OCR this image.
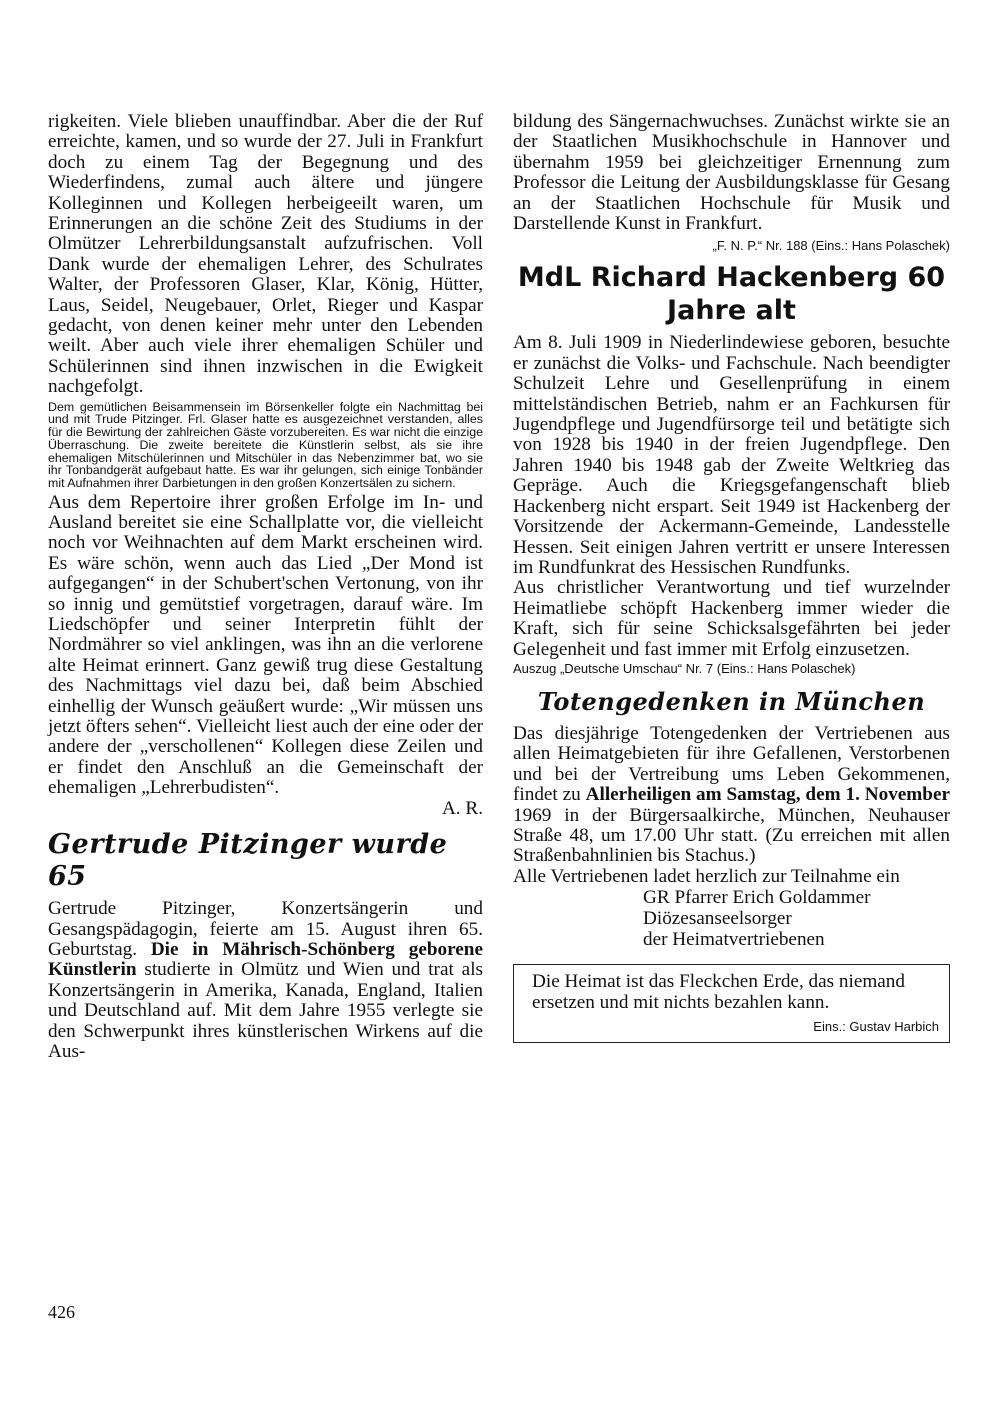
rigkeiten. Viele blieben unauffindbar. Aber die der Ruf erreichte, kamen, und so wurde der 27. Juli in Frankfurt doch zu einem Tag der Begegnung und des Wiederfindens, zumal auch ältere und jüngere Kolleginnen und Kollegen herbeigeeilt waren, um Erinnerungen an die schöne Zeit des Studiums in der Olmützer Lehrerbildungsanstalt aufzufrischen. Voll Dank wurde der ehemaligen Lehrer, des Schulrates Walter, der Professoren Glaser, Klar, König, Hütter, Laus, Seidel, Neugebauer, Orlet, Rieger und Kaspar gedacht, von denen keiner mehr unter den Lebenden weilt. Aber auch viele ihrer ehemaligen Schüler und Schülerinnen sind ihnen inzwischen in die Ewigkeit nachgefolgt.

Dem gemütlichen Beisammensein im Börsenkeller folgte ein Nachmittag bei und mit Trude Pitzinger. Frl. Glaser hatte es ausgezeichnet verstanden, alles für die Bewirtung der zahlreichen Gäste vorzubereiten. Es war nicht die einzige Überraschung. Die zweite bereitete die Künstlerin selbst, als sie ihre ehemaligen Mitschülerinnen und Mitschüler in das Nebenzimmer bat, wo sie ihr Tonbandgerät aufgebaut hatte. Es war ihr gelungen, sich einige Tonbänder mit Aufnahmen ihrer Darbietungen in den großen Konzertsälen zu sichern.

Aus dem Repertoire ihrer großen Erfolge im In- und Ausland bereitet sie eine Schallplatte vor, die vielleicht noch vor Weihnachten auf dem Markt erscheinen wird. Es wäre schön, wenn auch das Lied „Der Mond ist aufgegangen“ in der Schubert'schen Vertonung, von ihr so innig und gemütstief vorgetragen, darauf wäre. Im Liedschöpfer und seiner Interpretin fühlt der Nordmährer so viel anklingen, was ihn an die verlorene alte Heimat erinnert. Ganz gewiß trug diese Gestaltung des Nachmittags viel dazu bei, daß beim Abschied einhellig der Wunsch geäußert wurde: „Wir müssen uns jetzt öfters sehen“. Vielleicht liest auch der eine oder der andere der „verschollenen“ Kollegen diese Zeilen und er findet den Anschluß an die Gemeinschaft der ehemaligen „Lehrerbudisten“.

A. R.

Gertrude Pitzinger wurde 65

Gertrude Pitzinger, Konzertsängerin und Gesangspädagogin, feierte am 15. August ihren 65. Geburtstag. Die in Mährisch-Schönberg geborene Künstlerin studierte in Olmütz und Wien und trat als Konzertsängerin in Amerika, Kanada, England, Italien und Deutschland auf. Mit dem Jahre 1955 verlegte sie den Schwerpunkt ihres künstlerischen Wirkens auf die Aus-

bildung des Sängernachwuchses. Zunächst wirkte sie an der Staatlichen Musikhochschule in Hannover und übernahm 1959 bei gleichzeitiger Ernennung zum Professor die Leitung der Ausbildungsklasse für Gesang an der Staatlichen Hochschule für Musik und Darstellende Kunst in Frankfurt.

„F. N. P.“ Nr. 188 (Eins.: Hans Polaschek)

MdL Richard Hackenberg 60 Jahre alt

Am 8. Juli 1909 in Niederlindewiese geboren, besuchte er zunächst die Volks- und Fachschule. Nach beendigter Schulzeit Lehre und Gesellenprüfung in einem mittelständischen Betrieb, nahm er an Fachkursen für Jugendpflege und Jugendfürsorge teil und betätigte sich von 1928 bis 1940 in der freien Jugendpflege. Den Jahren 1940 bis 1948 gab der Zweite Weltkrieg das Gepräge. Auch die Kriegsgefangenschaft blieb Hackenberg nicht erspart. Seit 1949 ist Hackenberg der Vorsitzende der Ackermann-Gemeinde, Landesstelle Hessen. Seit einigen Jahren vertritt er unsere Interessen im Rundfunkrat des Hessischen Rundfunks.

Aus christlicher Verantwortung und tief wurzelnder Heimatliebe schöpft Hackenberg immer wieder die Kraft, sich für seine Schicksalsgefährten bei jeder Gelegenheit und fast immer mit Erfolg einzusetzen.

Auszug „Deutsche Umschau“ Nr. 7 (Eins.: Hans Polaschek)

Totengedenken in München

Das diesjährige Totengedenken der Vertriebenen aus allen Heimatgebieten für ihre Gefallenen, Verstorbenen und bei der Vertreibung ums Leben Gekommenen, findet zu Allerheiligen am Samstag, dem 1. November 1969 in der Bürgersaalkirche, München, Neuhauser Straße 48, um 17.00 Uhr statt. (Zu erreichen mit allen Straßenbahnlinien bis Stachus.)

Alle Vertriebenen ladet herzlich zur Teilnahme ein

GR Pfarrer Erich Goldammer

Diözesanseelsorger

der Heimatvertriebenen

Die Heimat ist das Fleckchen Erde, das niemand ersetzen und mit nichts bezahlen kann.
Eins.: Gustav Harbich

426
